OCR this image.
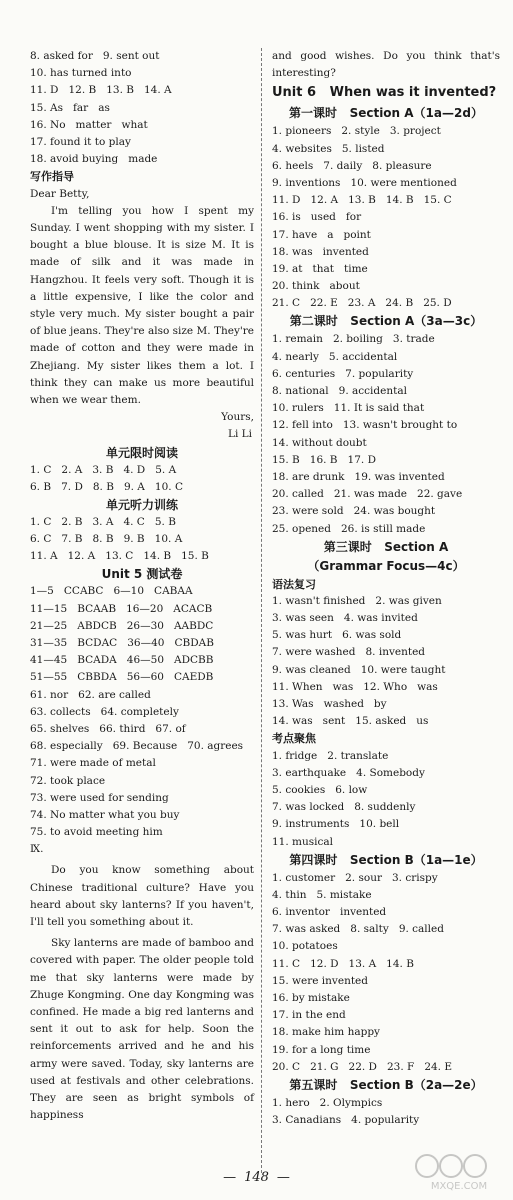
8. asked for   9. sent out
10. has turned into
11. D   12. B   13. B   14. A
15. As   far   as
16. No   matter   what
17. found it to play
18. avoid buying   made
写作指导
Dear Betty,

I'm telling you how I spent my Sunday. I went shopping with my sister. I bought a blue blouse. It is size M. It is made of silk and it was made in Hangzhou. It feels very soft. Though it is a little expensive, I like the color and style very much. My sister bought a pair of blue jeans. They're also size M. They're made of cotton and they were made in Zhejiang. My sister likes them a lot. I think they can make us more beautiful when we wear them.

Yours,
Li Li
单元限时阅读
1. C   2. A   3. B   4. D   5. A
6. B   7. D   8. B   9. A   10. C
单元听力训练
1. C   2. B   3. A   4. C   5. B
6. C   7. B   8. B   9. B   10. A
11. A   12. A   13. C   14. B   15. B
Unit 5 测试卷
1—5   CCABC   6—10   CABAA
11—15   BCAAB   16—20   ACACB
21—25   ABDCB   26—30   AABDC
31—35   BCDAC   36—40   CBDAB
41—45   BCADA   46—50   ADCBB
51—55   CBBDA   56—60   CAEDB
61. nor   62. are called
63. collects   64. completely
65. shelves   66. third   67. of
68. especially   69. Because   70. agrees
71. were made of metal
72. took place
73. were used for sending
74. No matter what you buy
75. to avoid meeting him
Ⅸ.

Do you know something about Chinese traditional culture? Have you heard about sky lanterns? If you haven't, I'll tell you something about it.

Sky lanterns are made of bamboo and covered with paper. The older people told me that sky lanterns were made by Zhuge Kongming. One day Kongming was confined. He made a big red lanterns and sent it out to ask for help. Soon the reinforcements arrived and he and his army were saved. Today, sky lanterns are used at festivals and other celebrations. They are seen as bright symbols of happiness

and good wishes. Do you think that's interesting?

Unit 6   When was it invented?
第一课时   Section A（1a—2d）
1. pioneers   2. style   3. project
4. websites   5. listed
6. heels   7. daily   8. pleasure
9. inventions   10. were mentioned
11. D   12. A   13. B   14. B   15. C
16. is   used   for
17. have   a   point
18. was   invented
19. at   that   time
20. think   about
21. C   22. E   23. A   24. B   25. D
第二课时   Section A（3a—3c）
1. remain   2. boiling   3. trade
4. nearly   5. accidental
6. centuries   7. popularity
8. national   9. accidental
10. rulers   11. It is said that
12. fell into   13. wasn't brought to
14. without doubt
15. B   16. B   17. D
18. are drunk   19. was invented
20. called   21. was made   22. gave
23. were sold   24. was bought
25. opened   26. is still made
第三课时   Section A
（Grammar Focus—4c）
语法复习
1. wasn't finished   2. was given
3. was seen   4. was invited
5. was hurt   6. was sold
7. were washed   8. invented
9. was cleaned   10. were taught
11. When   was   12. Who   was
13. Was   washed   by
14. was   sent   15. asked   us
考点聚焦
1. fridge   2. translate
3. earthquake   4. Somebody
5. cookies   6. low
7. was locked   8. suddenly
9. instruments   10. bell
11. musical
第四课时   Section B（1a—1e）
1. customer   2. sour   3. crispy
4. thin   5. mistake
6. inventor   invented
7. was asked   8. salty   9. called
10. potatoes
11. C   12. D   13. A   14. B
15. were invented
16. by mistake
17. in the end
18. make him happy
19. for a long time
20. C   21. G   22. D   23. F   24. E
第五课时   Section B（2a—2e）
1. hero   2. Olympics
3. Canadians   4. popularity
— 148 —
MXQE.COM
